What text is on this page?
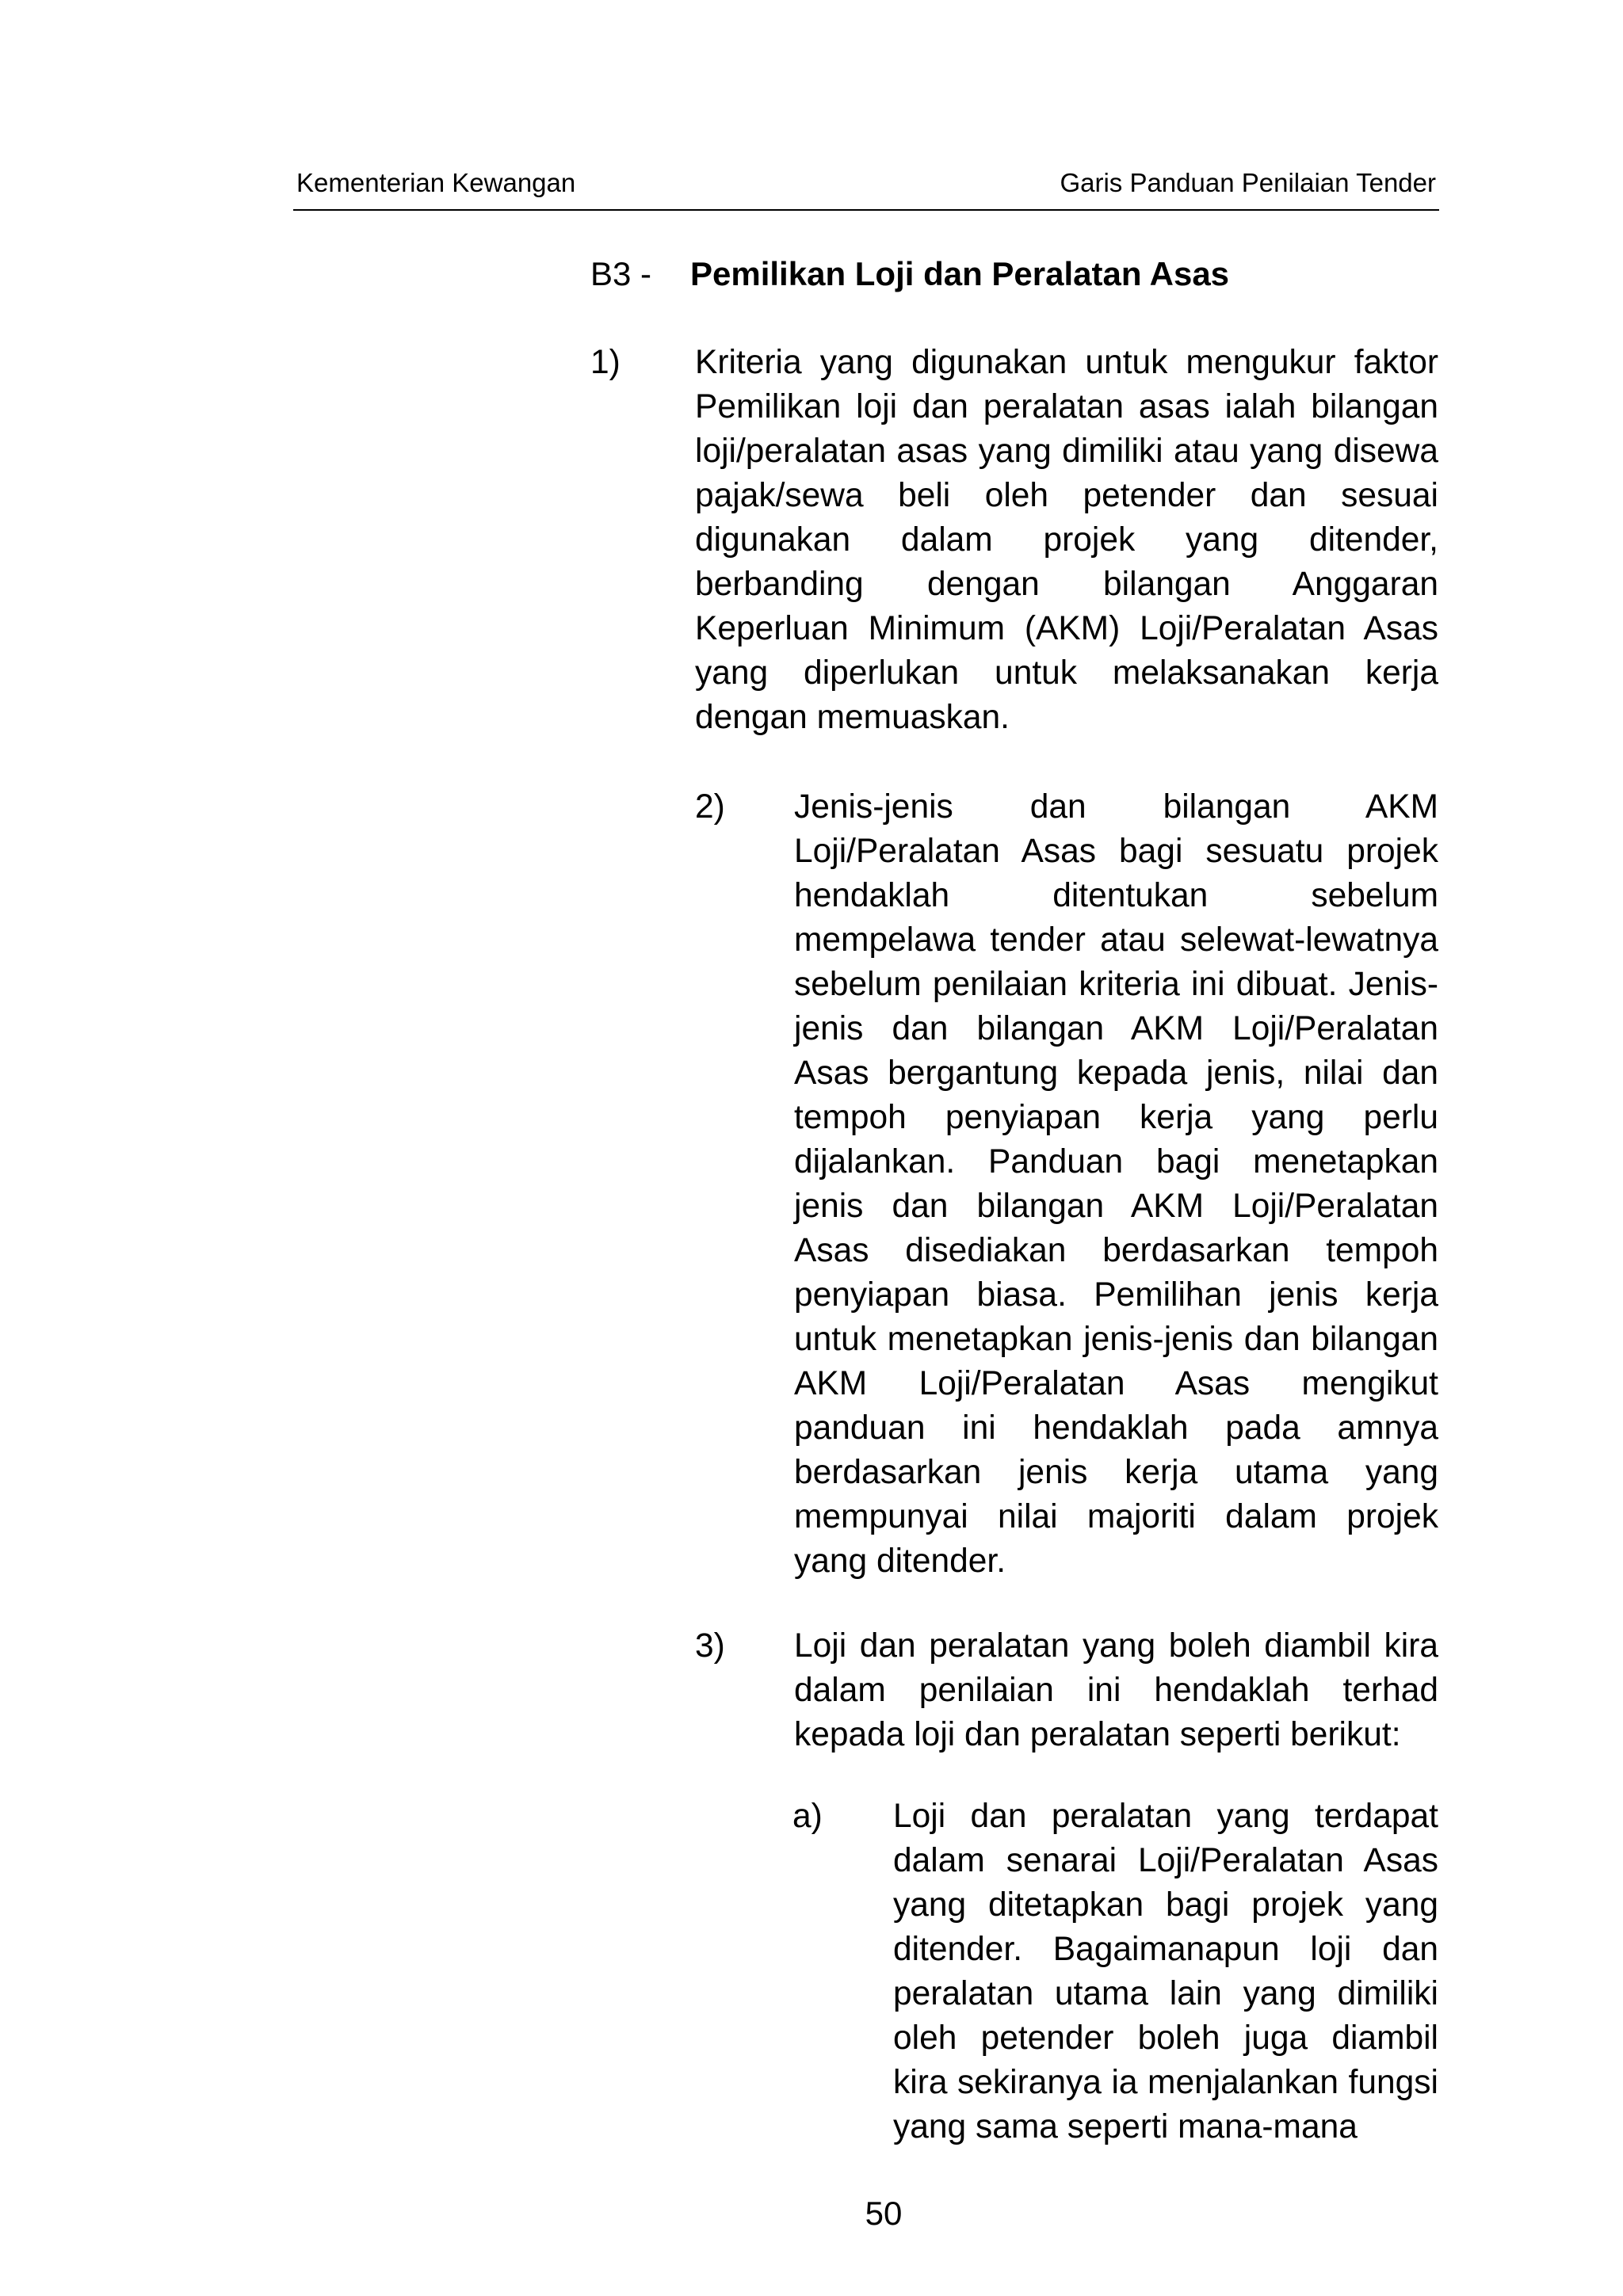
Kementerian Kewangan	Garis Panduan Penilaian Tender
B3 - Pemilikan Loji dan Peralatan Asas
1) Kriteria yang digunakan untuk mengukur faktor Pemilikan loji dan peralatan asas ialah bilangan loji/peralatan asas yang dimiliki atau yang disewa pajak/sewa beli oleh petender dan sesuai digunakan dalam projek yang ditender, berbanding dengan bilangan Anggaran Keperluan Minimum (AKM) Loji/Peralatan Asas yang diperlukan untuk melaksanakan kerja dengan memuaskan.
2) Jenis-jenis dan bilangan AKM Loji/Peralatan Asas bagi sesuatu projek hendaklah ditentukan sebelum mempelawa tender atau selewat-lewatnya sebelum penilaian kriteria ini dibuat. Jenis-jenis dan bilangan AKM Loji/Peralatan Asas bergantung kepada jenis, nilai dan tempoh penyiapan kerja yang perlu dijalankan. Panduan bagi menetapkan jenis dan bilangan AKM Loji/Peralatan Asas disediakan berdasarkan tempoh penyiapan biasa. Pemilihan jenis kerja untuk menetapkan jenis-jenis dan bilangan AKM Loji/Peralatan Asas mengikut panduan ini hendaklah pada amnya berdasarkan jenis kerja utama yang mempunyai nilai majoriti dalam projek yang ditender.
3) Loji dan peralatan yang boleh diambil kira dalam penilaian ini hendaklah terhad kepada loji dan peralatan seperti berikut:
a) Loji dan peralatan yang terdapat dalam senarai Loji/Peralatan Asas yang ditetapkan bagi projek yang ditender. Bagaimanapun loji dan peralatan utama lain yang dimiliki oleh petender boleh juga diambil kira sekiranya ia menjalankan fungsi yang sama seperti mana-mana
50
